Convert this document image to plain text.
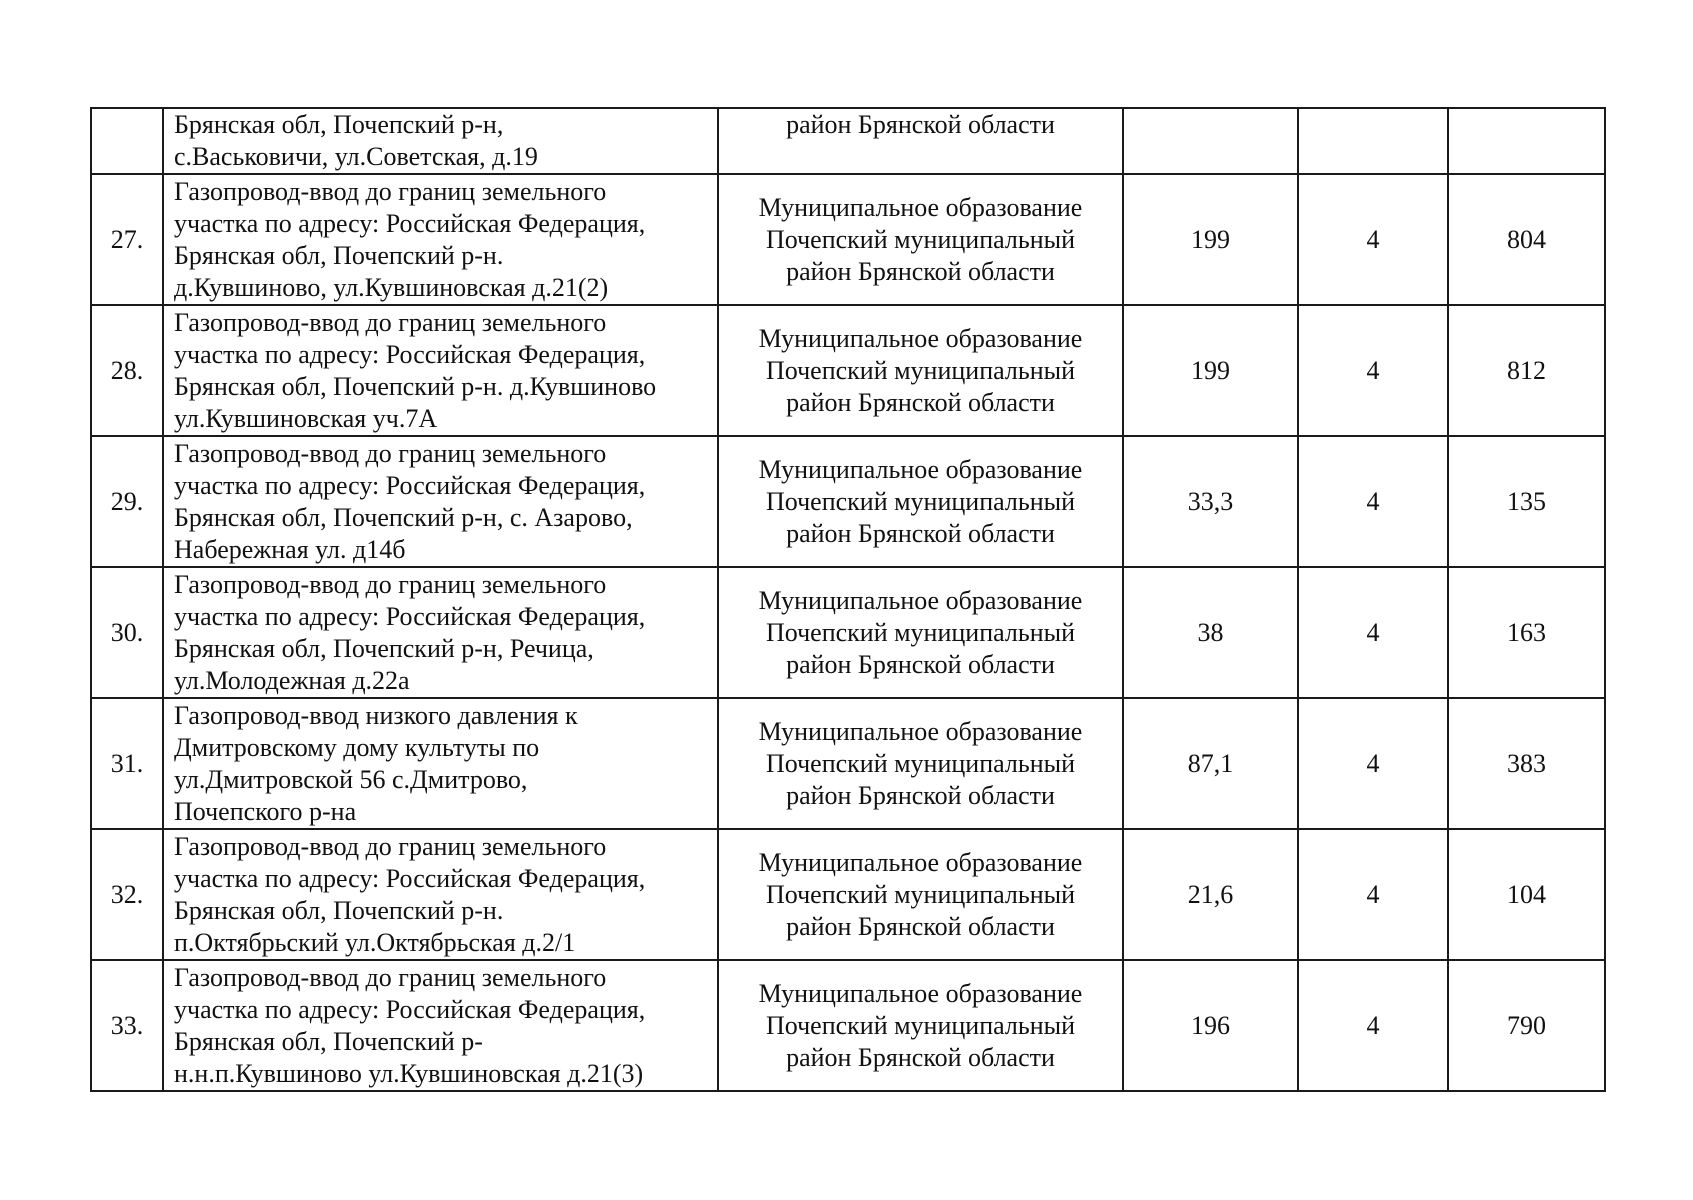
	Брянская обл, Почепский р-н,
с.Васьковичи, ул.Советская, д.19	район Брянской области			
27.	Газопровод-ввод до границ земельного
участка по адресу: Российская Федерация,
Брянская обл, Почепский р-н.
д.Кувшиново, ул.Кувшиновская д.21(2)	Муниципальное образование
Почепский муниципальный
район Брянской области	199	4	804
28.	Газопровод-ввод до границ земельного
участка по адресу: Российская Федерация,
Брянская обл, Почепский р-н. д.Кувшиново
ул.Кувшиновская уч.7А	Муниципальное образование
Почепский муниципальный
район Брянской области	199	4	812
29.	Газопровод-ввод до границ земельного
участка по адресу: Российская Федерация,
Брянская обл, Почепский р-н, с. Азарово,
Набережная ул. д14б	Муниципальное образование
Почепский муниципальный
район Брянской области	33,3	4	135
30.	Газопровод-ввод до границ земельного
участка по адресу: Российская Федерация,
Брянская обл, Почепский р-н, Речица,
ул.Молодежная д.22а	Муниципальное образование
Почепский муниципальный
район Брянской области	38	4	163
31.	Газопровод-ввод низкого давления к
Дмитровскому дому культуты по
ул.Дмитровской 56 с.Дмитрово,
Почепского р-на	Муниципальное образование
Почепский муниципальный
район Брянской области	87,1	4	383
32.	Газопровод-ввод до границ земельного
участка по адресу: Российская Федерация,
Брянская обл, Почепский р-н.
п.Октябрьский ул.Октябрьская д.2/1	Муниципальное образование
Почепский муниципальный
район Брянской области	21,6	4	104
33.	Газопровод-ввод до границ земельного
участка по адресу: Российская Федерация,
Брянская обл, Почепский р-
н.н.п.Кувшиново ул.Кувшиновская д.21(3)	Муниципальное образование
Почепский муниципальный
район Брянской области	196	4	790
